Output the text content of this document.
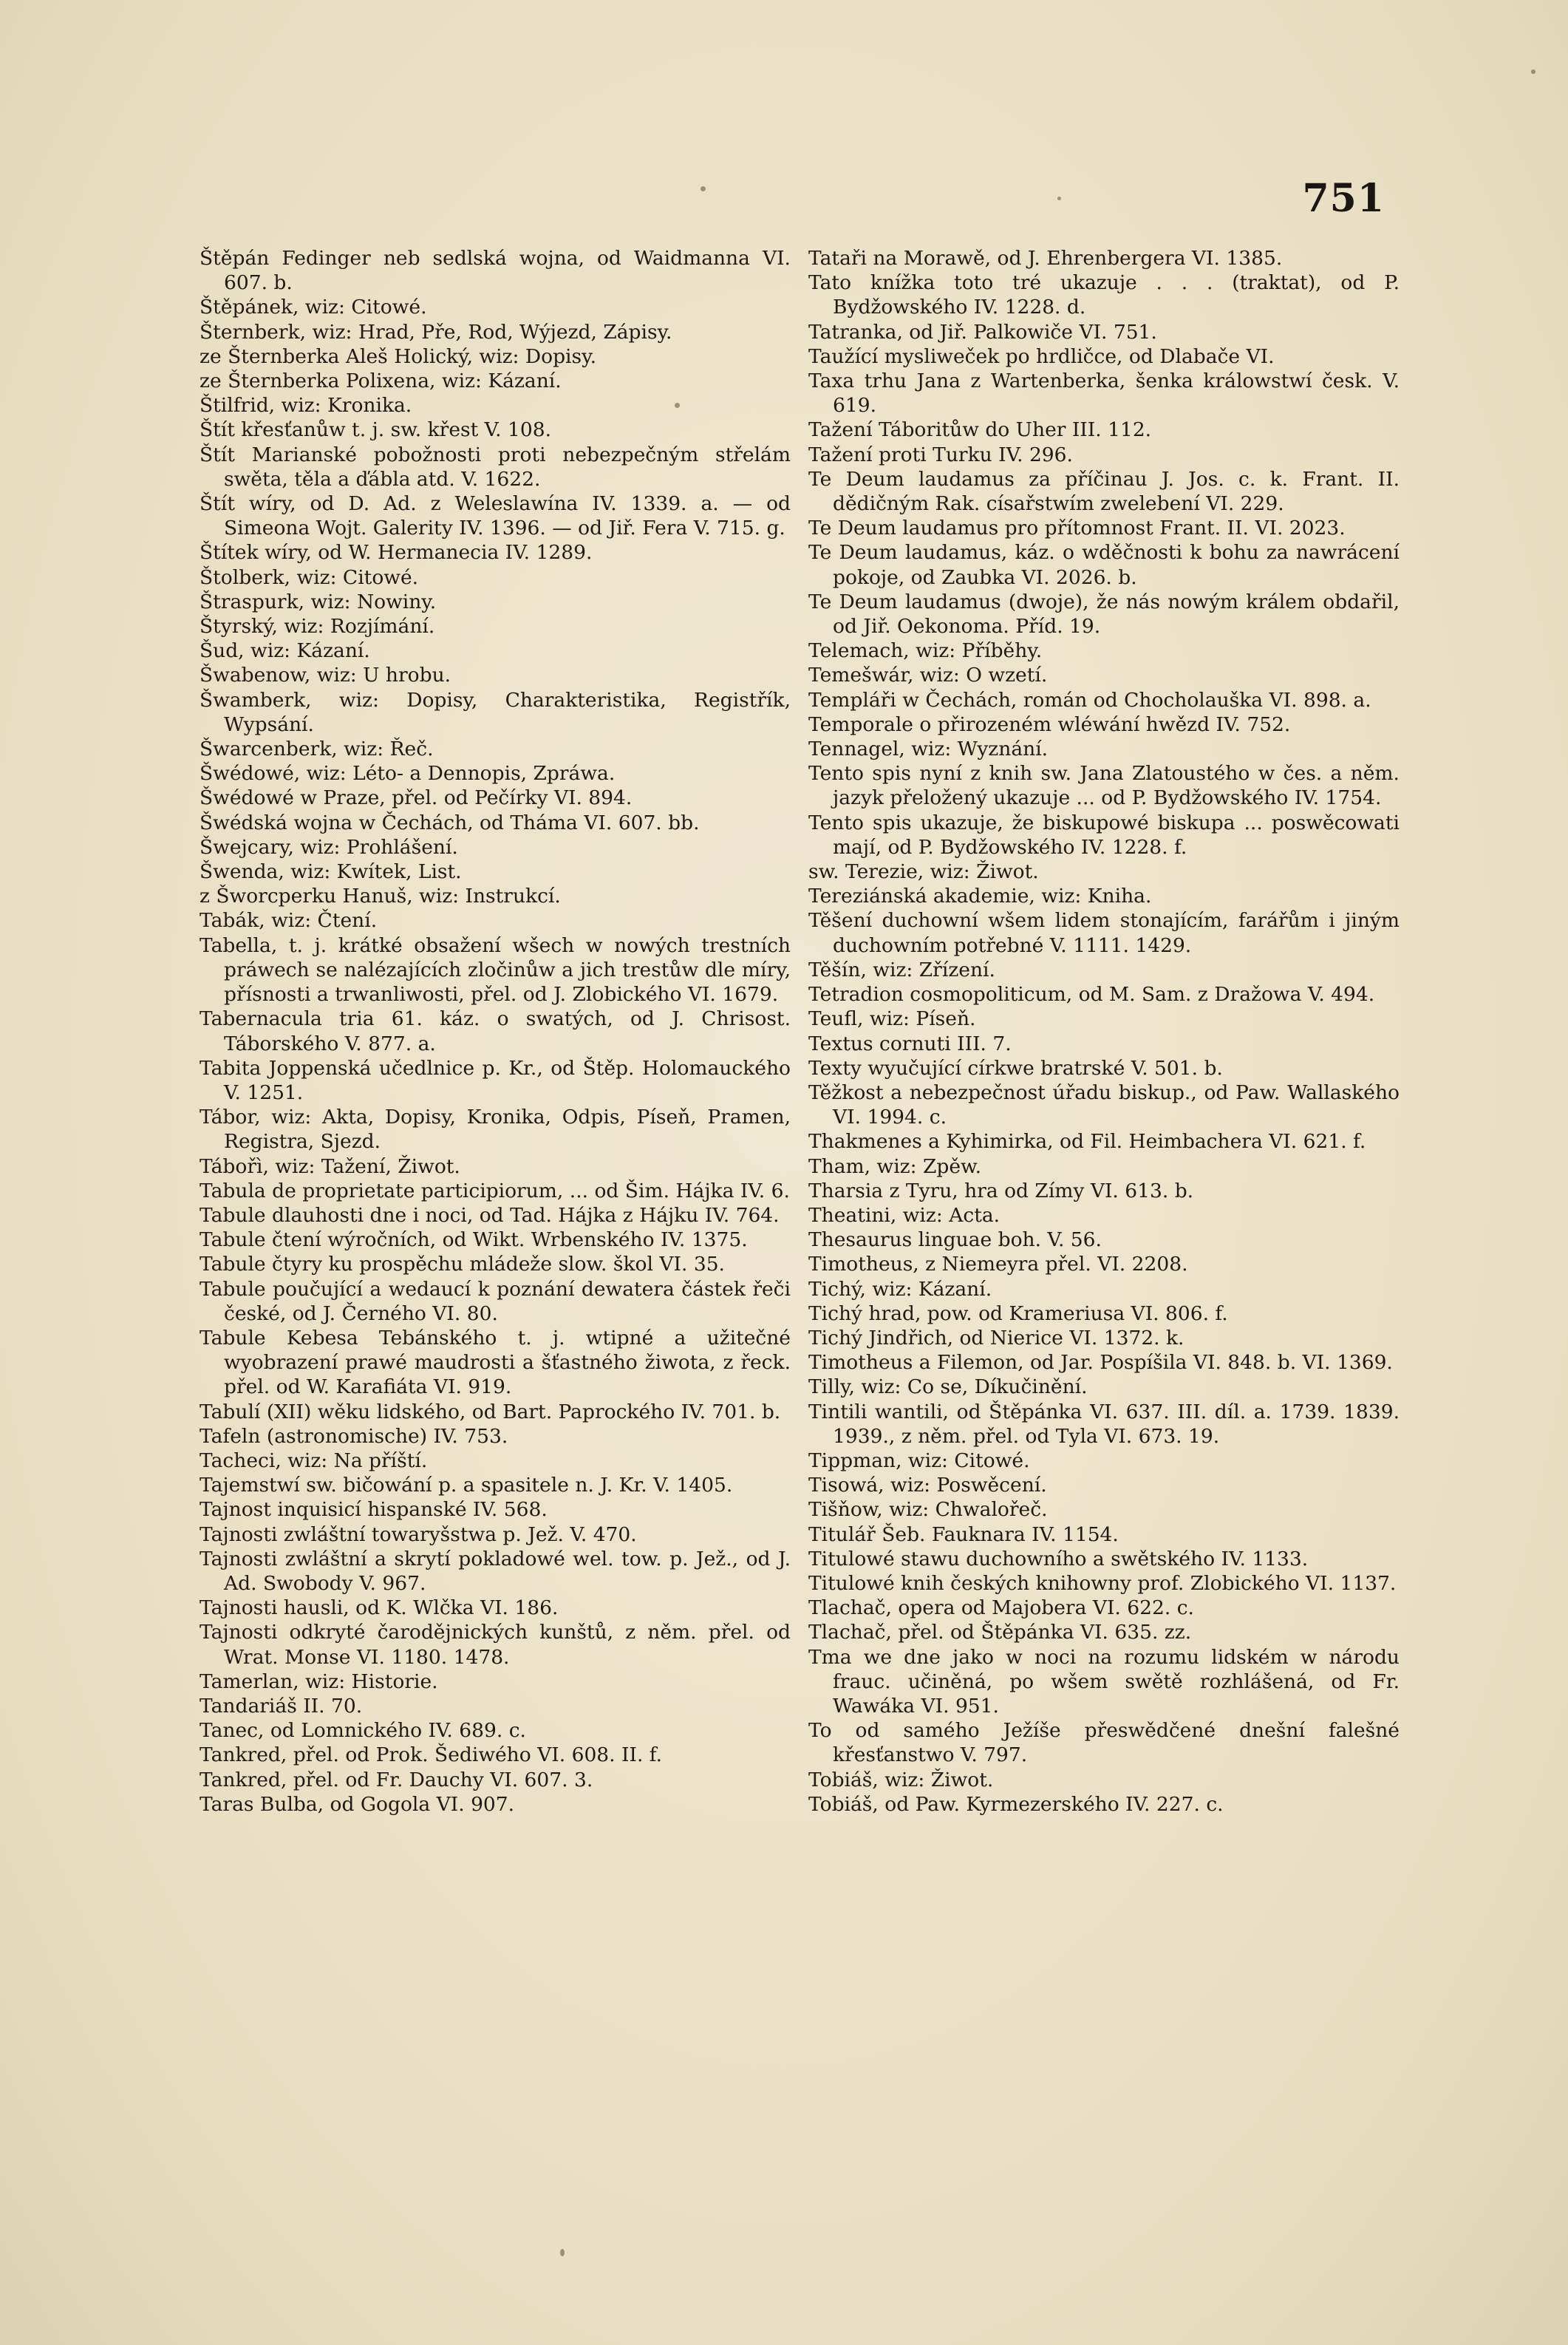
751
Štěpán Fedinger neb sedlská wojna, od Waidmanna VI. 607. b.
Štěpánek, wiz: Citowé.
Šternberk, wiz: Hrad, Pře, Rod, Wýjezd, Zápisy.
ze Šternberka Aleš Holický, wiz: Dopisy.
ze Šternberka Polixena, wiz: Kázaní.
Štilfrid, wiz: Kronika.
Štít křesťanůw t. j. sw. křest V. 108.
Štít Marianské pobožnosti proti nebezpečným střelám swěta, těla a ďábla atd. V. 1622.
Štít wíry, od D. Ad. z Weleslawína IV. 1339. a. — od Simeona Wojt. Galerity IV. 1396. — od Jiř. Fera V. 715. g.
Štítek wíry, od W. Hermanecia IV. 1289.
Štolberk, wiz: Citowé.
Štraspurk, wiz: Nowiny.
Štyrský, wiz: Rozjímání.
Šud, wiz: Kázaní.
Šwabenow, wiz: U hrobu.
Šwamberk, wiz: Dopisy, Charakteristika, Registřík, Wypsání.
Šwarcenberk, wiz: Řeč.
Šwédowé, wiz: Léto- a Dennopis, Zpráwa.
Šwédowé w Praze, přel. od Pečírky VI. 894.
Šwédská wojna w Čechách, od Tháma VI. 607. bb.
Šwejcary, wiz: Prohlášení.
Šwenda, wiz: Kwítek, List.
z Šworcperku Hanuš, wiz: Instrukcí.
Tabák, wiz: Čtení.
Tabella, t. j. krátké obsažení wšech w nowých trestních práwech se nalézajících zločinůw a jich trestůw dle míry, přísnosti a trwanliwosti, přel. od J. Zlobického VI. 1679.
Tabernacula tria 61. káz. o swatých, od J. Chrisost. Táborského V. 877. a.
Tabita Joppenská učedlnice p. Kr., od Štěp. Holomauckého V. 1251.
Tábor, wiz: Akta, Dopisy, Kronika, Odpis, Píseň, Pramen, Registra, Sjezd.
Tábořì, wiz: Tažení, Žiwot.
Tabula de proprietate participiorum, ... od Šim. Hájka IV. 6.
Tabule dlauhosti dne i noci, od Tad. Hájka z Hájku IV. 764.
Tabule čtení wýročních, od Wikt. Wrbenského IV. 1375.
Tabule čtyry ku prospěchu mládeže slow. škol VI. 35.
Tabule poučující a wedaucí k poznání dewatera částek řeči české, od J. Černého VI. 80.
Tabule Kebesa Tebánského t. j. wtipné a užitečné wyobrazení prawé maudrosti a šťastného žiwota, z řeck. přel. od W. Karafiáta VI. 919.
Tabulí (XII) wěku lidského, od Bart. Paprockého IV. 701. b.
Tafeln (astronomische) IV. 753.
Tacheci, wiz: Na příští.
Tajemstwí sw. bičowání p. a spasitele n. J. Kr. V. 1405.
Tajnost inquisicí hispanské IV. 568.
Tajnosti zwláštní towaryšstwa p. Jež. V. 470.
Tajnosti zwláštní a skrytí pokladowé wel. tow. p. Jež., od J. Ad. Swobody V. 967.
Tajnosti hausli, od K. Wlčka VI. 186.
Tajnosti odkryté čarodějnických kunštů, z něm. přel. od Wrat. Monse VI. 1180. 1478.
Tamerlan, wiz: Historie.
Tandariáš II. 70.
Tanec, od Lomnického IV. 689. c.
Tankred, přel. od Prok. Šediwého VI. 608. II. f.
Tankred, přel. od Fr. Dauchy VI. 607. 3.
Taras Bulba, od Gogola VI. 907.
Tataři na Morawě, od J. Ehrenbergera VI. 1385.
Tato knížka toto tré ukazuje . . . (traktat), od P. Bydžowského IV. 1228. d.
Tatranka, od Jiř. Palkowiče VI. 751.
Taužící mysliweček po hrdličce, od Dlabače VI.
Taxa trhu Jana z Wartenberka, šenka králowstwí česk. V. 619.
Tažení Táboritůw do Uher III. 112.
Tažení proti Turku IV. 296.
Te Deum laudamus za příčinau J. Jos. c. k. Frant. II. dědičným Rak. císařstwím zwelebení VI. 229.
Te Deum laudamus pro přítomnost Frant. II. VI. 2023.
Te Deum laudamus, káz. o wděčnosti k bohu za nawrácení pokoje, od Zaubka VI. 2026. b.
Te Deum laudamus (dwoje), že nás nowým králem obdařil, od Jiř. Oekonoma. Příd. 19.
Telemach, wiz: Příběhy.
Temešwár, wiz: O wzetí.
Templáři w Čechách, román od Chocholauška VI. 898. a.
Temporale o přirozeném wléwání hwězd IV. 752.
Tennagel, wiz: Wyznání.
Tento spis nyní z knih sw. Jana Zlatoustého w čes. a něm. jazyk přeložený ukazuje ... od P. Bydžowského IV. 1754.
Tento spis ukazuje, že biskupowé biskupa ... poswěcowati mají, od P. Bydžowského IV. 1228. f.
sw. Terezie, wiz: Žiwot.
Tereziánská akademie, wiz: Kniha.
Těšení duchowní wšem lidem stonajícím, farářům i jiným duchowním potřebné V. 1111. 1429.
Těšín, wiz: Zřízení.
Tetradion cosmopoliticum, od M. Sam. z Dražowa V. 494.
Teufl, wiz: Píseň.
Textus cornuti III. 7.
Texty wyučující církwe bratrské V. 501. b.
Těžkost a nebezpečnost úřadu biskup., od Paw. Wallaského VI. 1994. c.
Thakmenes a Kyhimirka, od Fil. Heimbachera VI. 621. f.
Tham, wiz: Zpěw.
Tharsia z Tyru, hra od Zímy VI. 613. b.
Theatini, wiz: Acta.
Thesaurus linguae boh. V. 56.
Timotheus, z Niemeyra přel. VI. 2208.
Tichý, wiz: Kázaní.
Tichý hrad, pow. od Krameriusa VI. 806. f.
Tichý Jindřich, od Nierice VI. 1372. k.
Timotheus a Filemon, od Jar. Pospíšila VI. 848. b. VI. 1369.
Tilly, wiz: Co se, Díkučinění.
Tintili wantili, od Štěpánka VI. 637. III. díl. a. 1739. 1839. 1939., z něm. přel. od Tyla VI. 673. 19.
Tippman, wiz: Citowé.
Tisowá, wiz: Poswěcení.
Tišňow, wiz: Chwalořeč.
Titulář Šeb. Fauknara IV. 1154.
Titulowé stawu duchowního a swětského IV. 1133.
Titulowé knih českých knihowny prof. Zlobického VI. 1137.
Tlachač, opera od Majobera VI. 622. c.
Tlachač, přel. od Štěpánka VI. 635. zz.
Tma we dne jako w noci na rozumu lidském w národu frauc. učiněná, po wšem swětě rozhlášená, od Fr. Wawáka VI. 951.
To od samého Ježíše přeswědčené dnešní falešné křesťanstwo V. 797.
Tobiáš, wiz: Žiwot.
Tobiáš, od Paw. Kyrmezerského IV. 227. c.
